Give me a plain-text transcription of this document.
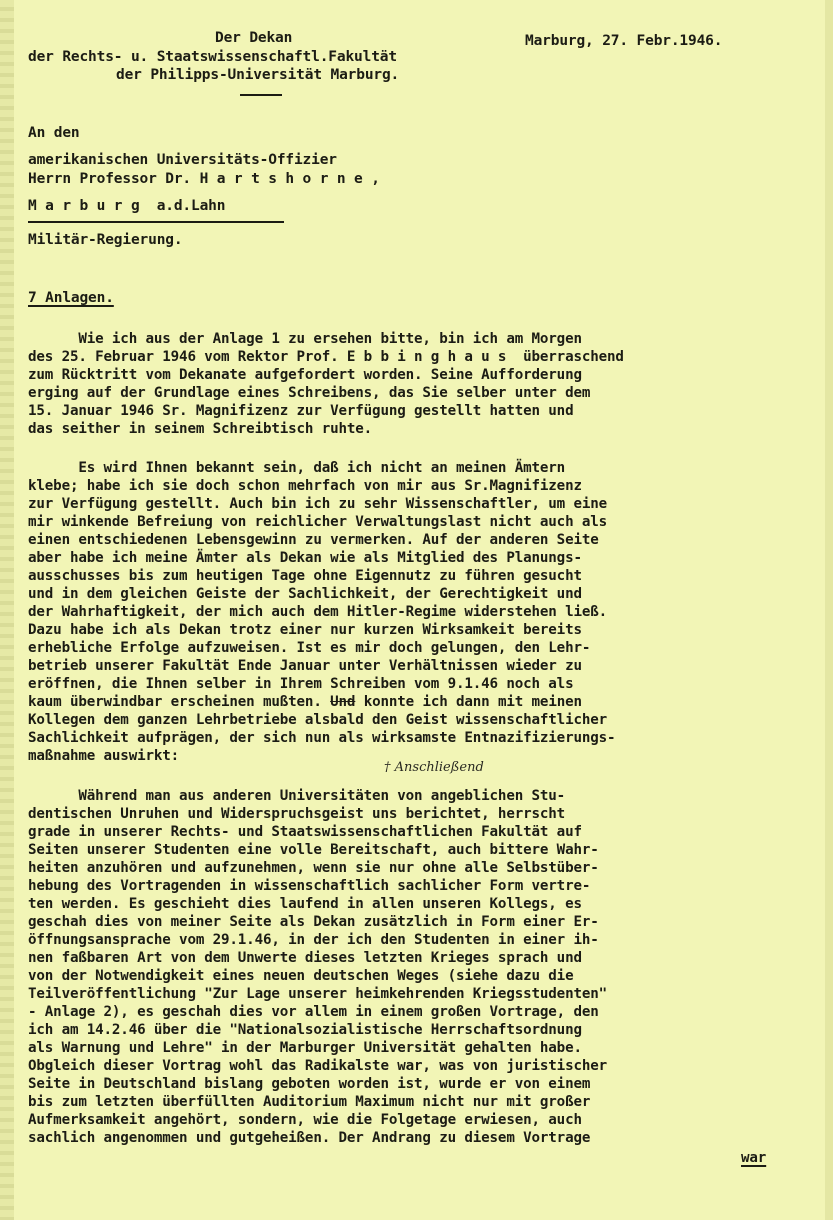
Der Dekan
der Rechts- u. Staatswissenschaftl.Fakultät
der Philipps-Universität Marburg.
Marburg, 27. Febr.1946.
An den
amerikanischen Universitäts-Offizier
Herrn Professor Dr. H a r t s h o r n e ,
M a r b u r g  a.d.Lahn
Militär-Regierung.
7 Anlagen.
Wie ich aus der Anlage 1 zu ersehen bitte, bin ich am Morgen
des 25. Februar 1946 vom Rektor Prof. E b b i n g h a u s  überraschend
zum Rücktritt vom Dekanate aufgefordert worden. Seine Aufforderung
erging auf der Grundlage eines Schreibens, das Sie selber unter dem
15. Januar 1946 Sr. Magnifizenz zur Verfügung gestellt hatten und
das seither in seinem Schreibtisch ruhte.
Es wird Ihnen bekannt sein, daß ich nicht an meinen Ämtern
klebe; habe ich sie doch schon mehrfach von mir aus Sr.Magnifizenz
zur Verfügung gestellt. Auch bin ich zu sehr Wissenschaftler, um eine
mir winkende Befreiung von reichlicher Verwaltungslast nicht auch als
einen entschiedenen Lebensgewinn zu vermerken. Auf der anderen Seite
aber habe ich meine Ämter als Dekan wie als Mitglied des Planungs-
ausschusses bis zum heutigen Tage ohne Eigennutz zu führen gesucht
und in dem gleichen Geiste der Sachlichkeit, der Gerechtigkeit und
der Wahrhaftigkeit, der mich auch dem Hitler-Regime widerstehen ließ.
Dazu habe ich als Dekan trotz einer nur kurzen Wirksamkeit bereits
erhebliche Erfolge aufzuweisen. Ist es mir doch gelungen, den Lehr-
betrieb unserer Fakultät Ende Januar unter Verhältnissen wieder zu
eröffnen, die Ihnen selber in Ihrem Schreiben vom 9.1.46 noch als
kaum überwindbar erscheinen mußten. Und konnte ich dann mit meinen
Kollegen dem ganzen Lehrbetriebe alsbald den Geist wissenschaftlicher
Sachlichkeit aufprägen, der sich nun als wirksamste Entnazifizierungs-
maßnahme auswirkt:
† Anschließend
Während man aus anderen Universitäten von angeblichen Stu-
dentischen Unruhen und Widerspruchsgeist uns berichtet, herrscht
grade in unserer Rechts- und Staatswissenschaftlichen Fakultät auf
Seiten unserer Studenten eine volle Bereitschaft, auch bittere Wahr-
heiten anzuhören und aufzunehmen, wenn sie nur ohne alle Selbstüber-
hebung des Vortragenden in wissenschaftlich sachlicher Form vertre-
ten werden. Es geschieht dies laufend in allen unseren Kollegs, es
geschah dies von meiner Seite als Dekan zusätzlich in Form einer Er-
öffnungsansprache vom 29.1.46, in der ich den Studenten in einer ih-
nen faßbaren Art von dem Unwerte dieses letzten Krieges sprach und
von der Notwendigkeit eines neuen deutschen Weges (siehe dazu die
Teilveröffentlichung "Zur Lage unserer heimkehrenden Kriegsstudenten"
- Anlage 2), es geschah dies vor allem in einem großen Vortrage, den
ich am 14.2.46 über die "Nationalsozialistische Herrschaftsordnung
als Warnung und Lehre" in der Marburger Universität gehalten habe.
Obgleich dieser Vortrag wohl das Radikalste war, was von juristischer
Seite in Deutschland bislang geboten worden ist, wurde er von einem
bis zum letzten überfüllten Auditorium Maximum nicht nur mit großer
Aufmerksamkeit angehört, sondern, wie die Folgetage erwiesen, auch
sachlich angenommen und gutgeheißen. Der Andrang zu diesem Vortrage
war
